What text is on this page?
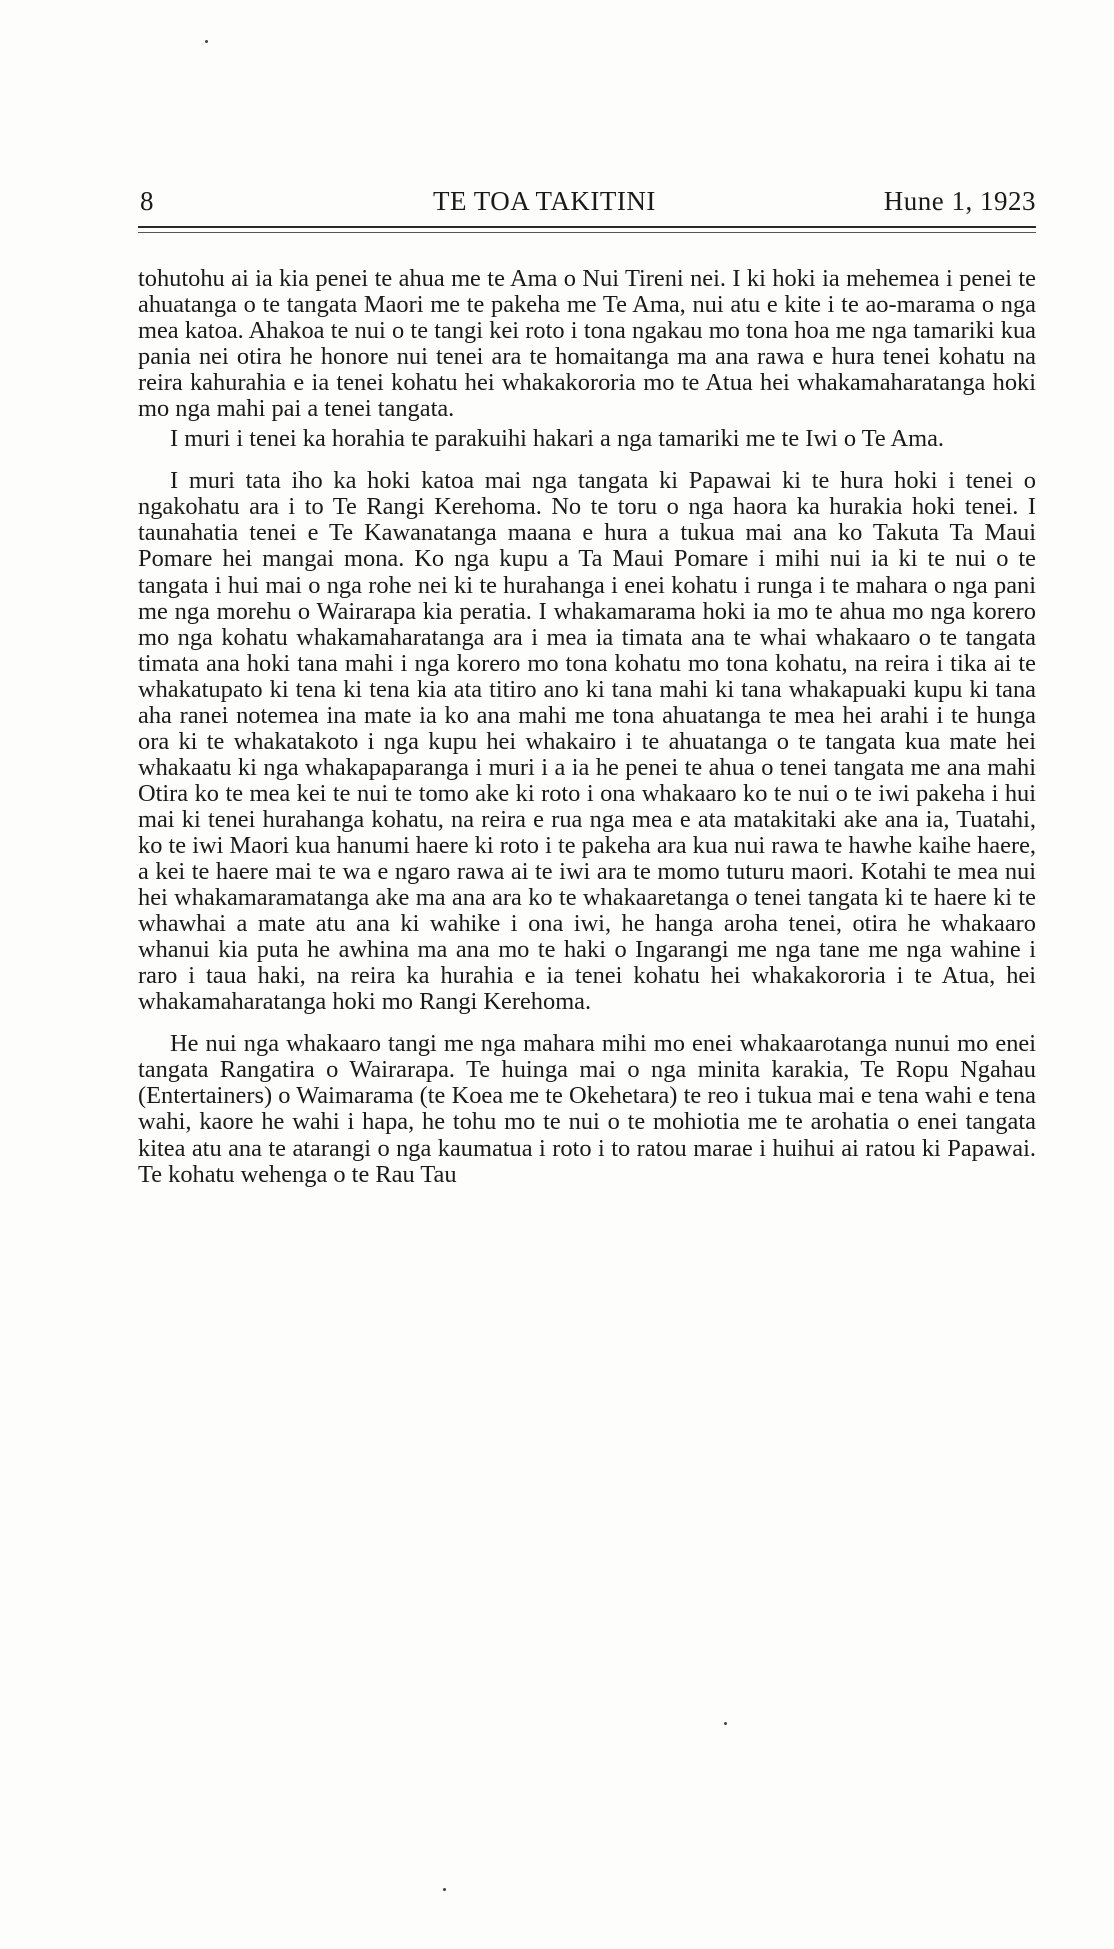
8	TE TOA TAKITINI	Hune 1, 1923

tohutohu ai ia kia penei te ahua me te Ama o Nui Tireni nei. I ki hoki ia mehemea i penei te ahuatanga o te tangata Maori me te pakeha me Te Ama, nui atu e kite i te ao-marama o nga mea katoa. Ahakoa te nui o te tangi kei roto i tona ngakau mo tona hoa me nga tamariki kua pania nei otira he honore nui tenei ara te homaitanga ma ana rawa e hura tenei kohatu na reira kahurahia e ia tenei kohatu hei whakakororia mo te Atua hei whakamaharatanga hoki mo nga mahi pai a tenei tangata.

I muri i tenei ka horahia te parakuihi hakari a nga tamariki me te Iwi o Te Ama.

I muri tata iho ka hoki katoa mai nga tangata ki Papawai ki te hura hoki i tenei o ngakohatu ara i to Te Rangi Kerehoma. No te toru o nga haora ka hurakia hoki tenei. I taunahatia tenei e Te Kawanatanga maana e hura a tukua mai ana ko Takuta Ta Maui Pomare hei mangai mona. Ko nga kupu a Ta Maui Pomare i mihi nui ia ki te nui o te tangata i hui mai o nga rohe nei ki te hurahanga i enei kohatu i runga i te mahara o nga pani me nga morehu o Wairarapa kia peratia. I whakamarama hoki ia mo te ahua mo nga korero mo nga kohatu whakamaharatanga ara i mea ia timata ana te whai whakaaro o te tangata timata ana hoki tana mahi i nga korero mo tona kohatu mo tona kohatu, na reira i tika ai te whakatupato ki tena ki tena kia ata titiro ano ki tana mahi ki tana whakapuaki kupu ki tana aha ranei notemea ina mate ia ko ana mahi me tona ahuatanga te mea hei arahi i te hunga ora ki te whakatakoto i nga kupu hei whakairo i te ahuatanga o te tangata kua mate hei whakaatu ki nga whakapaparanga i muri i a ia he penei te ahua o tenei tangata me ana mahi Otira ko te mea kei te nui te tomo ake ki roto i ona whakaaro ko te nui o te iwi pakeha i hui mai ki tenei hurahanga kohatu, na reira e rua nga mea e ata matakitaki ake ana ia, Tuatahi, ko te iwi Maori kua hanumi haere ki roto i te pakeha ara kua nui rawa te hawhe kaihe haere, a kei te haere mai te wa e ngaro rawa ai te iwi ara te momo tuturu maori. Kotahi te mea nui hei whakamaramatanga ake ma ana ara ko te whakaaretanga o tenei tangata ki te haere ki te whawhai a mate atu ana ki wahike i ona iwi, he hanga aroha tenei, otira he whakaaro whanui kia puta he awhina ma ana mo te haki o Ingarangi me nga tane me nga wahine i raro i taua haki, na reira ka hurahia e ia tenei kohatu hei whakakororia i te Atua, hei whakamaharatanga hoki mo Rangi Kerehoma.

He nui nga whakaaro tangi me nga mahara mihi mo enei whakaarotanga nunui mo enei tangata Rangatira o Wairarapa. Te huinga mai o nga minita karakia, Te Ropu Ngahau (Entertainers) o Waimarama (te Koea me te Okehetara) te reo i tukua mai e tena wahi e tena wahi, kaore he wahi i hapa, he tohu mo te nui o te mohiotia me te arohatia o enei tangata kitea atu ana te atarangi o nga kaumatua i roto i to ratou marae i huihui ai ratou ki Papawai. Te kohatu wehenga o te Rau Tau
